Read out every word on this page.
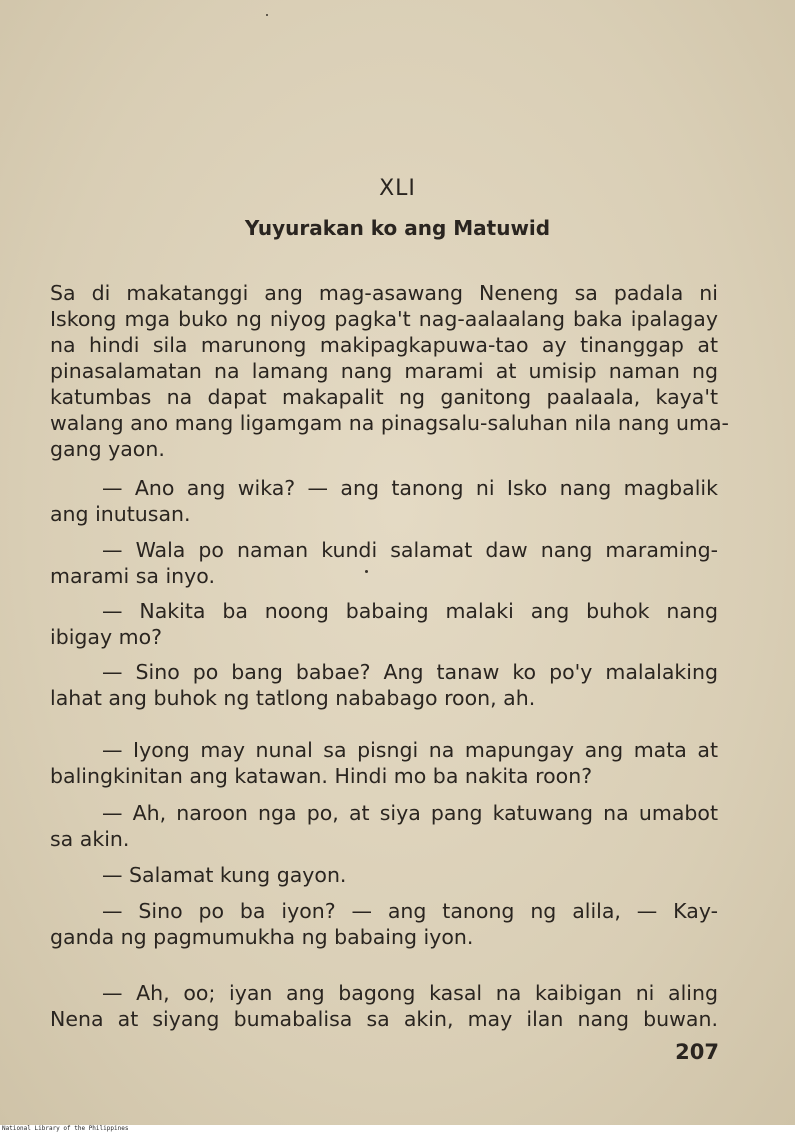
XLI
Yuyurakan ko ang Matuwid
Sa di makatanggi ang mag-asawang Neneng sa padala ni
Iskong mga buko ng niyog pagka't nag-aalaalang baka ipalagay
na hindi sila marunong makipagkapuwa-tao ay tinanggap at
pinasalamatan na lamang nang marami at umisip naman ng
katumbas na dapat makapalit ng ganitong paalaala, kaya't
walang ano mang ligamgam na pinagsalu-saluhan nila nang uma-
gang yaon.
— Ano ang wika? — ang tanong ni Isko nang magbalik
ang inutusan.
— Wala po naman kundi salamat daw nang maraming-
marami sa inyo.
— Nakita ba noong babaing malaki ang buhok nang
ibigay mo?
— Sino po bang babae? Ang tanaw ko po'y malalaking
lahat ang buhok ng tatlong nababago roon, ah.
— Iyong may nunal sa pisngi na mapungay ang mata at
balingkinitan ang katawan. Hindi mo ba nakita roon?
— Ah, naroon nga po, at siya pang katuwang na umabot
sa akin.
— Salamat kung gayon.
— Sino po ba iyon? — ang tanong ng alila, — Kay-
ganda ng pagmumukha ng babaing iyon.
— Ah, oo; iyan ang bagong kasal na kaibigan ni aling
Nena at siyang bumabalisa sa akin, may ilan nang buwan.
207
National Library of the Philippines
